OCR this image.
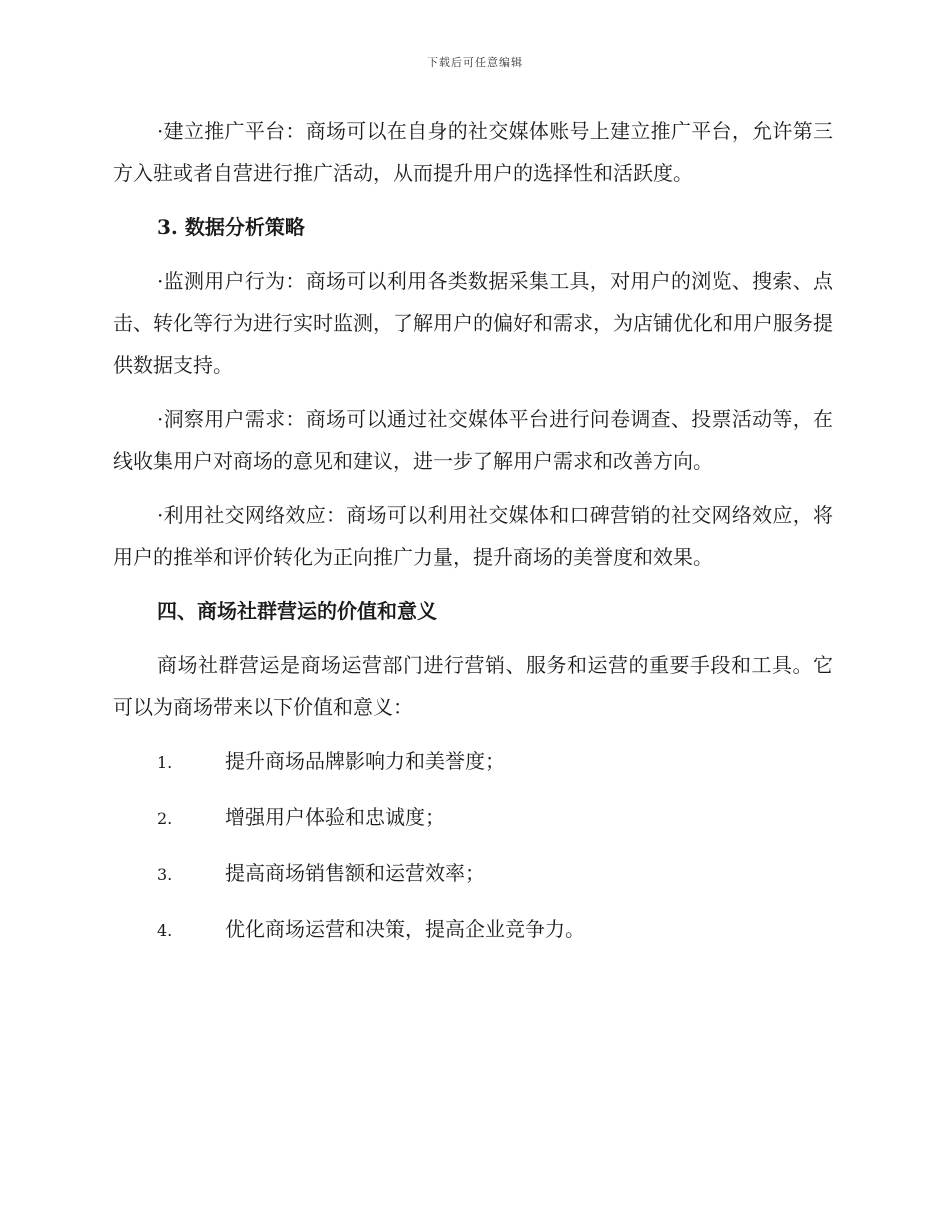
下载后可任意编辑

·建立推广平台：商场可以在自身的社交媒体账号上建立推广平台，允许第三方入驻或者自营进行推广活动，从而提升用户的选择性和活跃度。

3. 数据分析策略

·监测用户行为：商场可以利用各类数据采集工具，对用户的浏览、搜索、点击、转化等行为进行实时监测，了解用户的偏好和需求，为店铺优化和用户服务提供数据支持。

·洞察用户需求：商场可以通过社交媒体平台进行问卷调查、投票活动等，在线收集用户对商场的意见和建议，进一步了解用户需求和改善方向。

·利用社交网络效应：商场可以利用社交媒体和口碑营销的社交网络效应，将用户的推举和评价转化为正向推广力量，提升商场的美誉度和效果。

四、商场社群营运的价值和意义

商场社群营运是商场运营部门进行营销、服务和运营的重要手段和工具。它可以为商场带来以下价值和意义：

1.	提升商场品牌影响力和美誉度；
2.	增强用户体验和忠诚度；
3.	提高商场销售额和运营效率；
4.	优化商场运营和决策，提高企业竞争力。
